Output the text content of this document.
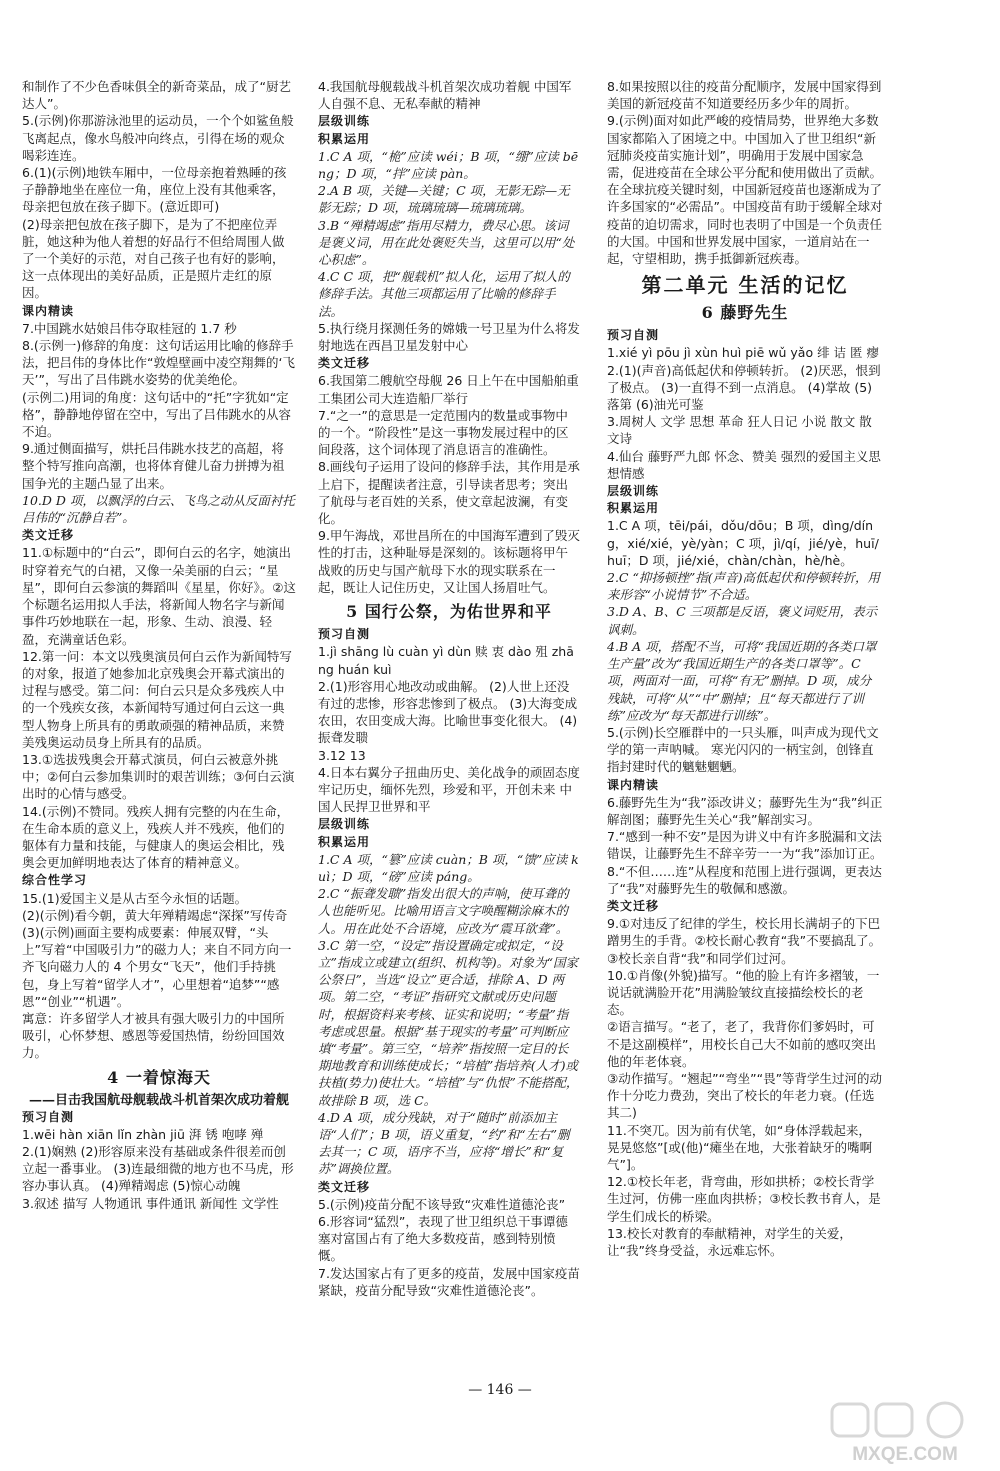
和制作了不少色香味俱全的新奇菜品，成了“厨艺达人”。

5.(示例)你那游泳池里的运动员，一个个如鲨鱼般飞离起点，像水鸟般冲向终点，引得在场的观众喝彩连连。

6.(1)(示例)地铁车厢中，一位母亲抱着熟睡的孩子静静地坐在座位一角，座位上没有其他乘客，母亲把包放在孩子脚下。(意近即可)

(2)母亲把包放在孩子脚下，是为了不把座位弄脏，她这种为他人着想的好品行不但给周围人做了一个美好的示范，对自己孩子也有好的影响，这一点体现出的美好品质，正是照片走红的原因。

课内精读

7.中国跳水姑娘吕伟夺取桂冠的 1.7 秒

8.(示例一)修辞的角度：这句话运用比喻的修辞手法，把吕伟的身体比作“敦煌壁画中凌空翔舞的‘飞天’”，写出了吕伟跳水姿势的优美绝伦。

(示例二)用词的角度：这句话中的“托”字犹如“定格”，静静地停留在空中，写出了吕伟跳水的从容不迫。

9.通过侧面描写，烘托吕伟跳水技艺的高超，将整个特写推向高潮，也将体育健儿奋力拼搏为祖国争光的主题凸显了出来。

10.D D 项，以飘浮的白云、飞鸟之动从反面衬托吕伟的“沉静自若”。

类文迁移

11.①标题中的“白云”，即何白云的名字，她演出时穿着充气的白裙，又像一朵美丽的白云；“星星”，即何白云参演的舞蹈叫《星星，你好》。②这个标题名运用拟人手法，将新闻人物名字与新闻事件巧妙地联在一起，形象、生动、浪漫、轻盈，充满童话色彩。

12.第一问：本文以残奥演员何白云作为新闻特写的对象，报道了她参加北京残奥会开幕式演出的过程与感受。第二问：何白云只是众多残疾人中的一个残疾女孩，本新闻特写通过何白云这一典型人物身上所具有的勇敢顽强的精神品质，来赞美残奥运动员身上所具有的品质。

13.①选拔残奥会开幕式演员，何白云被意外挑中；②何白云参加集训时的艰苦训练；③何白云演出时的心情与感受。

14.(示例)不赞同。残疾人拥有完整的内在生命，在生命本质的意义上，残疾人并不残疾，他们的躯体有力量和技能，与健康人的奥运会相比，残奥会更加鲜明地表达了体育的精神意义。

综合性学习

15.(1)爱国主义是从古至今永恒的话题。

(2)(示例)看今朝，黄大年殚精竭虑“深探”写传奇

(3)(示例)画面主要构成要素：伸展双臂，“头上”写着“中国吸引力”的磁力人；来自不同方向一齐飞向磁力人的 4 个男女“飞天”，他们手持挑包，身上写着“留学人才”，心里想着“追梦”“感恩”“创业”“机遇”。

寓意：许多留学人才被具有强大吸引力的中国所吸引，心怀梦想、感恩等爱国热情，纷纷回国效力。

4 一着惊海天
——目击我国航母舰载战斗机首架次成功着舰
预习自测

1.wēi hàn xiān lǐn zhàn jiū 湃 锈 咆哮 殚

2.(1)娴熟 (2)形容原来没有基础或条件很差而创立起一番事业。 (3)连最细微的地方也不马虎，形容办事认真。 (4)殚精竭虑 (5)惊心动魄

3.叙述 描写 人物通讯 事件通讯 新闻性 文学性

4.我国航母舰载战斗机首架次成功着舰 中国军人自强不息、无私奉献的精神

层级训练
积累运用

1.C A 项，“桅”应读 wéi；B 项，“绷”应读 bēng；D 项，“拌”应读 pàn。

2.A B 项，关键—关键；C 项，无影无踪—无影无踪；D 项，琉璃琉璃—琉璃琉璃。

3.B “殚精竭虑”指用尽精力，费尽心思。该词是褒义词，用在此处褒贬失当，这里可以用“处心积虑”。

4.C C 项，把“舰载机”拟人化，运用了拟人的修辞手法。其他三项都运用了比喻的修辞手法。

5.执行绕月探测任务的嫦娥一号卫星为什么将发射地选在西昌卫星发射中心

类文迁移

6.我国第二艘航空母舰 26 日上午在中国船舶重工集团公司大连造船厂举行

7.“之一”的意思是一定范围内的数量或事物中的一个。“阶段性”是这一事物发展过程中的区间段落，这个词体现了消息语言的准确性。

8.画线句子运用了设问的修辞手法，其作用是承上启下，提醒读者注意，引导读者思考；突出了航母与老百姓的关系，使文章起波澜，有变化。

9.甲午海战，邓世昌所在的中国海军遭到了毁灭性的打击，这种耻辱是深刻的。该标题将甲午战败的历史与国产航母下水的现实联系在一起，既让人记住历史，又让国人扬眉吐气。

5 国行公祭，为佑世界和平
预习自测

1.jì shāng lù cuàn yì dùn 赎 衷 dào 殂 zhāng huán kuì

2.(1)形容用心地改动或曲解。 (2)人世上还没有过的悲惨，形容悲惨到了极点。 (3)大海变成农田，农田变成大海。比喻世事变化很大。 (4)振聋发聩

3.12 13

4.日本右翼分子扭曲历史、美化战争的顽固态度 牢记历史，缅怀先烈，珍爱和平，开创未来 中国人民捍卫世界和平

层级训练
积累运用

1.C A 项，“篡”应读 cuàn；B 项，“馈”应读 kuì；D 项，“磅”应读 páng。

2.C “振聋发聩”指发出很大的声响，使耳聋的人也能听见。比喻用语言文字唤醒糊涂麻木的人。用在此处不合语境，应改为“震耳欲聋”。

3.C 第一空，“设定”指设置确定或拟定，“设立”指成立或建立(组织、机构等)。对象为“国家公祭日”，当选“设立”更合适，排除 A、D 两项。第二空，“考证”指研究文献或历史问题时，根据资料来考核、证实和说明；“考量”指考虑或思量。根据“基于现实的考量”可判断应填“考量”。第三空，“培养”指按照一定目的长期地教育和训练使成长；“培植”指培养(人才)或扶植(势力)使壮大。“培植”与“仇恨”不能搭配，故排除 B 项，选 C。

4.D A 项，成分残缺，对于“随时”前添加主语“人们”；B 项，语义重复，“约”和“左右”删去其一；C 项，语序不当，应将“增长”和“复苏”调换位置。

类文迁移

5.(示例)疫苗分配不该导致“灾难性道德沦丧”

6.形容词“猛烈”，表现了世卫组织总干事谭德塞对富国占有了绝大多数疫苗，感到特别愤慨。

7.发达国家占有了更多的疫苗，发展中国家疫苗紧缺，疫苗分配导致“灾难性道德沦丧”。

8.如果按照以往的疫苗分配顺序，发展中国家得到美国的新冠疫苗不知道要经历多少年的周折。

9.(示例)面对如此严峻的疫情局势，世界绝大多数国家都陷入了困境之中。中国加入了世卫组织“新冠肺炎疫苗实施计划”，明确用于发展中国家急需，促进疫苗在全球公平分配和使用做出了贡献。在全球抗疫关键时刻，中国新冠疫苗也逐渐成为了许多国家的“必需品”。中国疫苗有助于缓解全球对疫苗的迫切需求，同时也表明了中国是一个负责任的大国。中国和世界发展中国家，一道肩站在一起，守望相助，携手抵御新冠疾毒。

第二单元 生活的记忆
6 藤野先生
预习自测

1.xié yì pōu jì xùn huì piē wǔ yǎo 绯 诘 匿 瘳

2.(1)(声音)高低起伏和停顿转折。 (2)厌恶，恨到了极点。 (3)一直得不到一点消息。 (4)掌故 (5)落第 (6)油光可鉴

3.周树人 文学 思想 革命 狂人日记 小说 散文 散文诗

4.仙台 藤野严九郎 怀念、赞美 强烈的爱国主义思想情感

层级训练
积累运用

1.C A 项，tēi/pái，dǒu/dōu；B 项，dìng/díng，xié/xié，yè/yàn；C 项，jì/qí，jié/yè，huī/huī；D 项，jié/xié，chàn/chàn，hè/hè。

2.C “抑扬顿挫”指(声音)高低起伏和停顿转折，用来形容“小说情节”不合适。

3.D A、B、C 三项都是反语，褒义词贬用，表示讽刺。

4.B A 项，搭配不当，可将“我国近期的各类口罩生产量”改为“我国近期生产的各类口罩等”。C 项，两面对一面，可将“有无”删掉。D 项，成分残缺，可将“从”“中”删掉；且“每天都进行了训练”应改为“每天都进行训练”。

5.(示例)长空雁群中的一只头雁，叫声成为现代文学的第一声呐喊。 寒光闪闪的一柄宝剑，创锋直指封建时代的魑魅魍魉。

课内精读

6.藤野先生为“我”添改讲义；藤野先生为“我”纠正解剖图；藤野先生关心“我”解剖实习。

7.“感到一种不安”是因为讲义中有许多脱漏和文法错误，让藤野先生不辞辛劳一一为“我”添加订正。

8.“不但……连”从程度和范围上进行强调，更表达了“我”对藤野先生的敬佩和感激。

类文迁移

9.①对违反了纪律的学生，校长用长满胡子的下巴蹭男生的手背。②校长耐心教育“我”不要搞乱了。③校长亲自背“我”和同学们过河。

10.①肖像(外貌)描写。“他的脸上有许多褶皱，一说话就满脸开花”用满脸皱纹直接描绘校长的老态。

②语言描写。“老了，老了，我背你们爹妈时，可不是这副模样”，用校长自己大不如前的感叹突出他的年老体衰。

③动作描写。“翘起”“弯坐”“畏”等背学生过河的动作十分吃力费劲，突出了校长的年老力衰。(任选其二)

11.不突兀。因为前有伏笔，如“身体浮载起来，晃晃悠悠”[或(他)“瘫坐在地，大张着缺牙的嘴啊气”]。

12.①校长年老，背弯曲，形如拱桥；②校长背学生过河，仿佛一座血肉拱桥；③校长教书育人，是学生们成长的桥梁。

13.校长对教育的奉献精神，对学生的关爱，让“我”终身受益，永远难忘怀。

— 146 —
MXQE.COM
